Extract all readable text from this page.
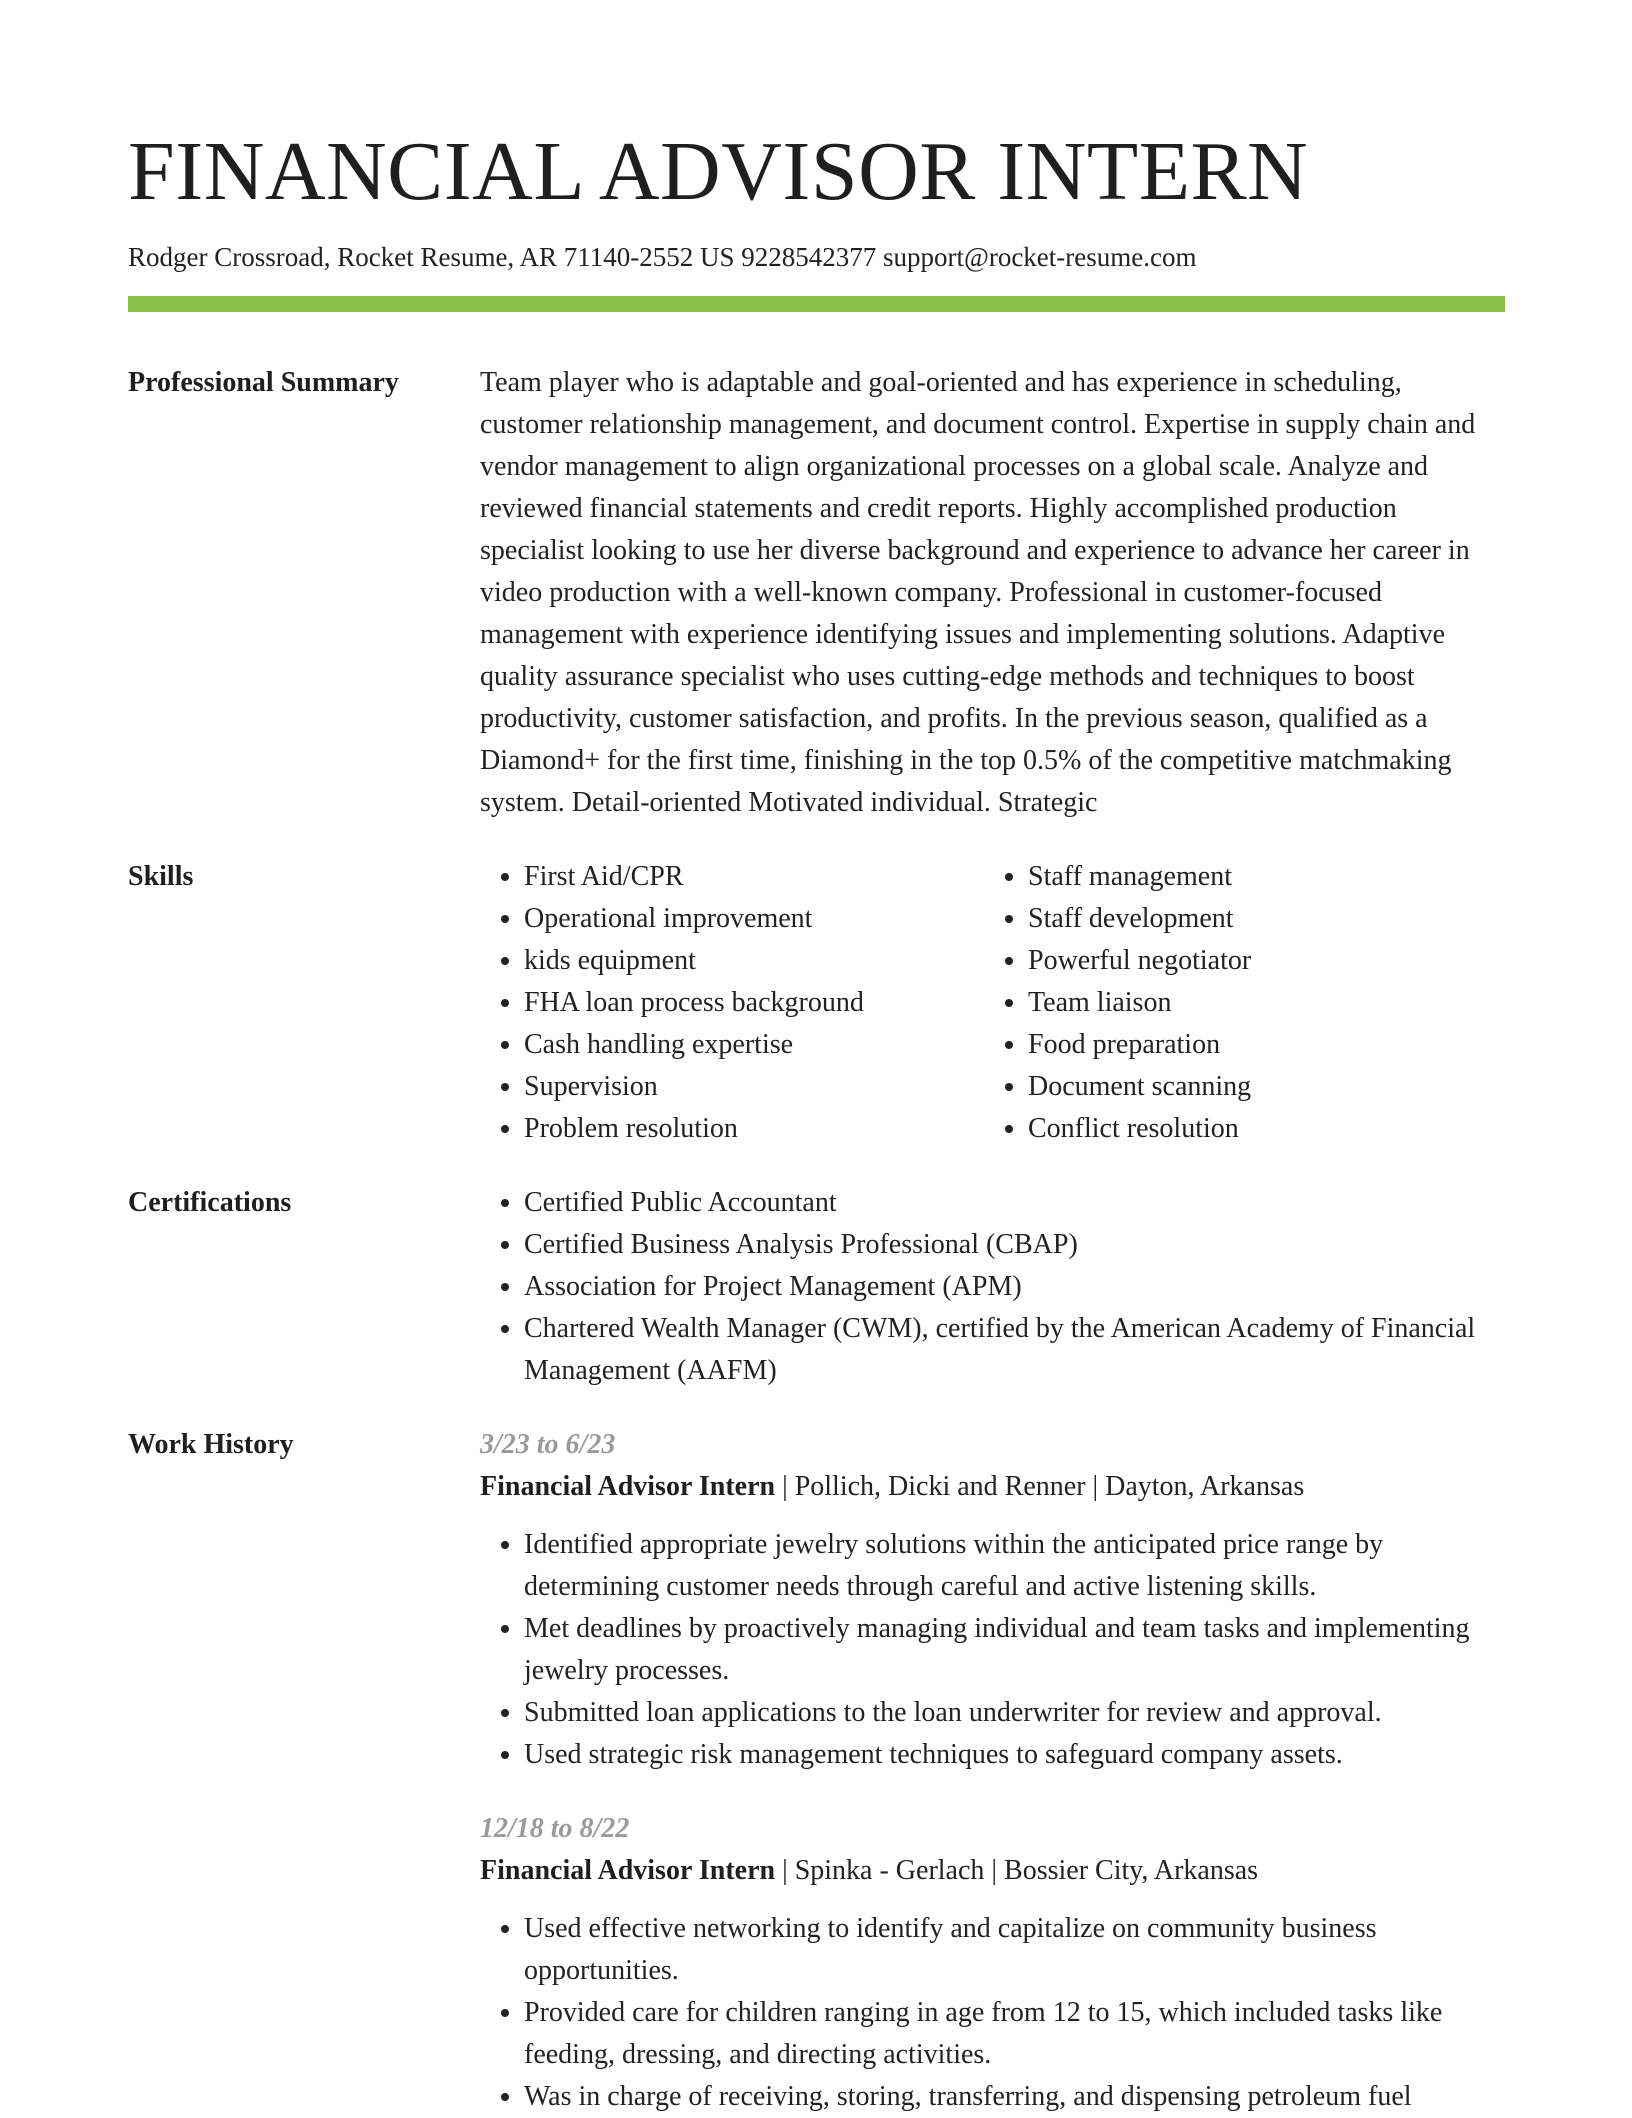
FINANCIAL ADVISOR INTERN
Rodger Crossroad, Rocket Resume, AR 71140-2552 US 9228542377 support@rocket-resume.com
Professional Summary	Team player who is adaptable and goal-oriented and has experience in scheduling, customer relationship management, and document control. Expertise in supply chain and vendor management to align organizational processes on a global scale. Analyze and reviewed financial statements and credit reports. Highly accomplished production specialist looking to use her diverse background and experience to advance her career in video production with a well-known company. Professional in customer-focused management with experience identifying issues and implementing solutions. Adaptive quality assurance specialist who uses cutting-edge methods and techniques to boost productivity, customer satisfaction, and profits. In the previous season, qualified as a Diamond+ for the first time, finishing in the top 0.5% of the competitive matchmaking system. Detail-oriented Motivated individual. Strategic

Skills	• First Aid/CPR
• Operational improvement
• kids equipment
• FHA loan process background
• Cash handling expertise
• Supervision
• Problem resolution
• Staff management
• Staff development
• Powerful negotiator
• Team liaison
• Food preparation
• Document scanning
• Conflict resolution
Certifications	• Certified Public Accountant
• Certified Business Analysis Professional (CBAP)
• Association for Project Management (APM)
• Chartered Wealth Manager (CWM), certified by the American Academy of Financial Management (AAFM)
Work History	3/23 to 6/23
Financial Advisor Intern | Pollich, Dicki and Renner | Dayton, Arkansas
• Identified appropriate jewelry solutions within the anticipated price range by determining customer needs through careful and active listening skills.
• Met deadlines by proactively managing individual and team tasks and implementing jewelry processes.
• Submitted loan applications to the loan underwriter for review and approval.
• Used strategic risk management techniques to safeguard company assets.
12/18 to 8/22
Financial Advisor Intern | Spinka - Gerlach | Bossier City, Arkansas
• Used effective networking to identify and capitalize on community business opportunities.
• Provided care for children ranging in age from 12 to 15, which included tasks like feeding, dressing, and directing activities.
• Was in charge of receiving, storing, transferring, and dispensing petroleum fuel
